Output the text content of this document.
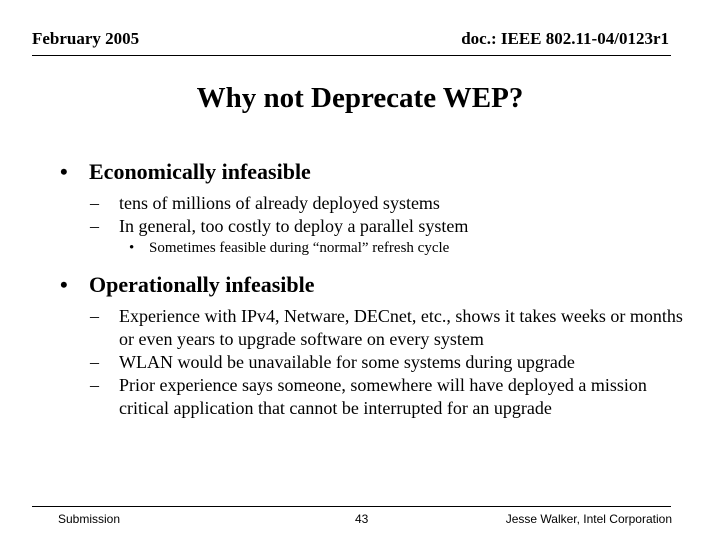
February 2005	doc.: IEEE 802.11-04/0123r1
Why not Deprecate WEP?
• Economically infeasible
– tens of millions of already deployed systems
– In general, too costly to deploy a parallel system
• Sometimes feasible during “normal” refresh cycle
• Operationally infeasible
– Experience with IPv4, Netware, DECnet, etc., shows it takes weeks or months or even years to upgrade software on every system
– WLAN would be unavailable for some systems during upgrade
– Prior experience says someone, somewhere will have deployed a mission critical application that cannot be interrupted for an upgrade
Submission	43	Jesse Walker, Intel Corporation
